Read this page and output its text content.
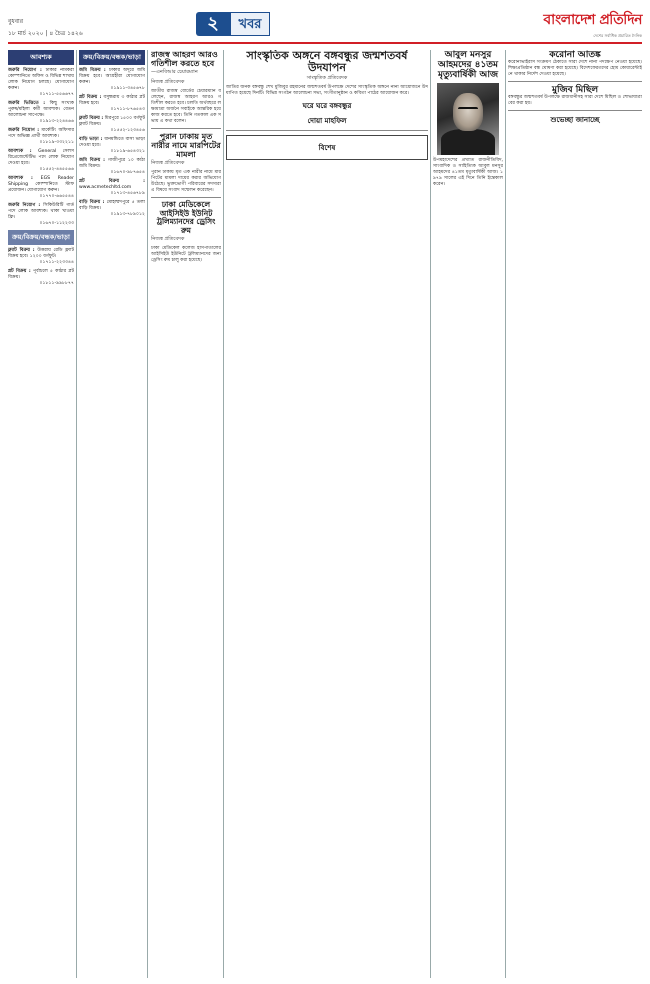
বুধবার
১৮ মার্চ ২০২০ | ৪ চৈত্র ১৪২৬	২	খবর	বাংলাদেশ প্রতিদিন
দেশের সর্বাধিক প্রচারিত দৈনিক
আবশ্যক
জরুরি নিয়োগ : ঢাকার নামকরা কোম্পানিতে অফিস ও বিভিন্ন শাখায় লোক নিয়োগ চলছে। যোগাযোগ করুন।
০১৭১১-৫৫৬৬৭৭
জরুরি ভিত্তিতে : কিছু সংখ্যক পুরুষ/মহিলা কর্মী আবশ্যক। বেতন আলোচনা সাপেক্ষে।
০১৯১৩-২২৪৪৬৬
জরুরি নিয়োগ : মার্কেটিং অফিসার পদে অভিজ্ঞ প্রার্থী আবশ্যক।
০১৮১৯-৩৩২২১১
আবশ্যক : General সেলস রিপ্রেজেন্টেটিভ পদে লোক নিয়োগ দেওয়া হবে।
০১৫৫২-৪৪৫৫৬৬
আবশ্যক : EGS Reader Shipping কোম্পানিতে স্টাফ প্রয়োজন। যোগাযোগ করুন।
০১৭৭০-৬৬৫৫৪৪
জরুরি নিয়োগ : সিকিউরিটি গার্ড পদে লোক আবশ্যক। থাকা খাওয়া ফ্রি।
০১৬৭০-১১২২৩৩
ক্রয়/বিক্রয়/বন্ধক/ভাড়া
ফ্ল্যাট বিক্রয় : উত্তরায় রেডি ফ্ল্যাট বিক্রয় হবে। ১২০০ বর্গফুট।
০১৭১১-২২৩৩৪৪
প্লট বিক্রয় : পূর্বাচলে ৫ কাঠার প্লট বিক্রয়।
০১৮১১-৯৯৮৮৭৭
ক্রয়/বিক্রয়/বন্ধক/ভাড়া
জমি বিক্রয় : ঢাকার অদূরে জমি বিক্রয় হবে। আগ্রহীরা যোগাযোগ করুন।
০১৯১১-৩৪৫৬৭৮
প্লট বিক্রয় : বসুন্ধরায় ৩ কাঠার প্লট বিক্রয় হবে।
০১৭১১-৮৭৬৫৪৩
ফ্ল্যাট বিক্রয় : মিরপুরে ১৫০০ বর্গফুট ফ্ল্যাট বিক্রয়।
০১৫৫২-১২৩৪৫৬
বাড়ি ভাড়া : ধানমন্ডিতে বাসা ভাড়া দেওয়া হবে।
০১৮১৯-৬৫৪৩২১
জমি বিক্রয় : গাজীপুরে ১০ কাঠা জমি বিক্রয়।
০১৬৭০-৯৮৭৬৫৪
প্লট বিক্রয় : www.acmetechltd.com
০১৭১৩-৪৫৬৭৮৯
বাড়ি বিক্রয় : মোহাম্মদপুরে ৫ তলা বাড়ি বিক্রয়।
০১৯১৩-৭৮৯০১২
রাজস্ব আহরণ আরও গতিশীল করতে হবে
—এনবিআর চেয়ারম্যান
নিজস্ব প্রতিবেদক
জাতীয় রাজস্ব বোর্ডের চেয়ারম্যান বলেছেন, রাজস্ব আহরণ আরও গতিশীল করতে হবে। চলতি অর্থবছরে লক্ষ্যমাত্রা অর্জনে সবাইকে আন্তরিক হয়ে কাজ করতে হবে। তিনি গতকাল এক সভায় এ কথা বলেন।
পুরান ঢাকায় মৃত নারীর নামে মারপিটের মামলা
নিজস্ব প্রতিবেদক
পুরান ঢাকায় মৃত এক নারীর নামে মারপিটের মামলা দায়ের করার অভিযোগ উঠেছে। ভুক্তভোগী পরিবারের সদস্যরা এ বিষয়ে সংবাদ সম্মেলন করেছেন।
ঢাকা মেডিকেলে আইসিইউ ইউনিট ট্রলিম্যানদের ড্রেসিং রুম
নিজস্ব প্রতিবেদক
ঢাকা মেডিকেল কলেজ হাসপাতালের আইসিইউ ইউনিটে ট্রলিম্যানদের জন্য ড্রেসিং রুম চালু করা হয়েছে।
সাংস্কৃতিক অঙ্গনে বঙ্গবন্ধুর জন্মশতবর্ষ উদযাপন
সাংস্কৃতিক প্রতিবেদক
জাতির জনক বঙ্গবন্ধু শেখ মুজিবুর রহমানের জন্মশতবর্ষ উপলক্ষে দেশের সাংস্কৃতিক অঙ্গনে নানা আয়োজনে উদযাপিত হয়েছে দিনটি। বিভিন্ন সংগঠন আলোচনা সভা, সংগীতানুষ্ঠান ও কবিতা পাঠের আয়োজন করে।
ঘরে ঘরে বঙ্গবন্ধুর
দোয়া মাহফিল
বিশেষ
আবুল মনসুর আহমদের ৪১তম মৃত্যুবার্ষিকী আজ
উপমহাদেশের প্রখ্যাত রাজনীতিবিদ, সাংবাদিক ও সাহিত্যিক আবুল মনসুর আহমদের ৪১তম মৃত্যুবার্ষিকী আজ। ১৯৭৯ সালের এই দিনে তিনি ইন্তেকাল করেন।
করোনা আতঙ্ক
করোনাভাইরাস সংক্রমণ ঠেকাতে সারা দেশে নানা পদক্ষেপ নেওয়া হয়েছে। শিক্ষাপ্রতিষ্ঠান বন্ধ ঘোষণা করা হয়েছে। বিদেশফেরতদের হোম কোয়ারেন্টাইনে থাকার নির্দেশ দেওয়া হয়েছে।
মুজিব মিছিল
বঙ্গবন্ধুর জন্মশতবর্ষ উপলক্ষে রাজধানীসহ সারা দেশে মিছিল ও শোভাযাত্রা বের করা হয়।
শুভেচ্ছা জানাচ্ছে
